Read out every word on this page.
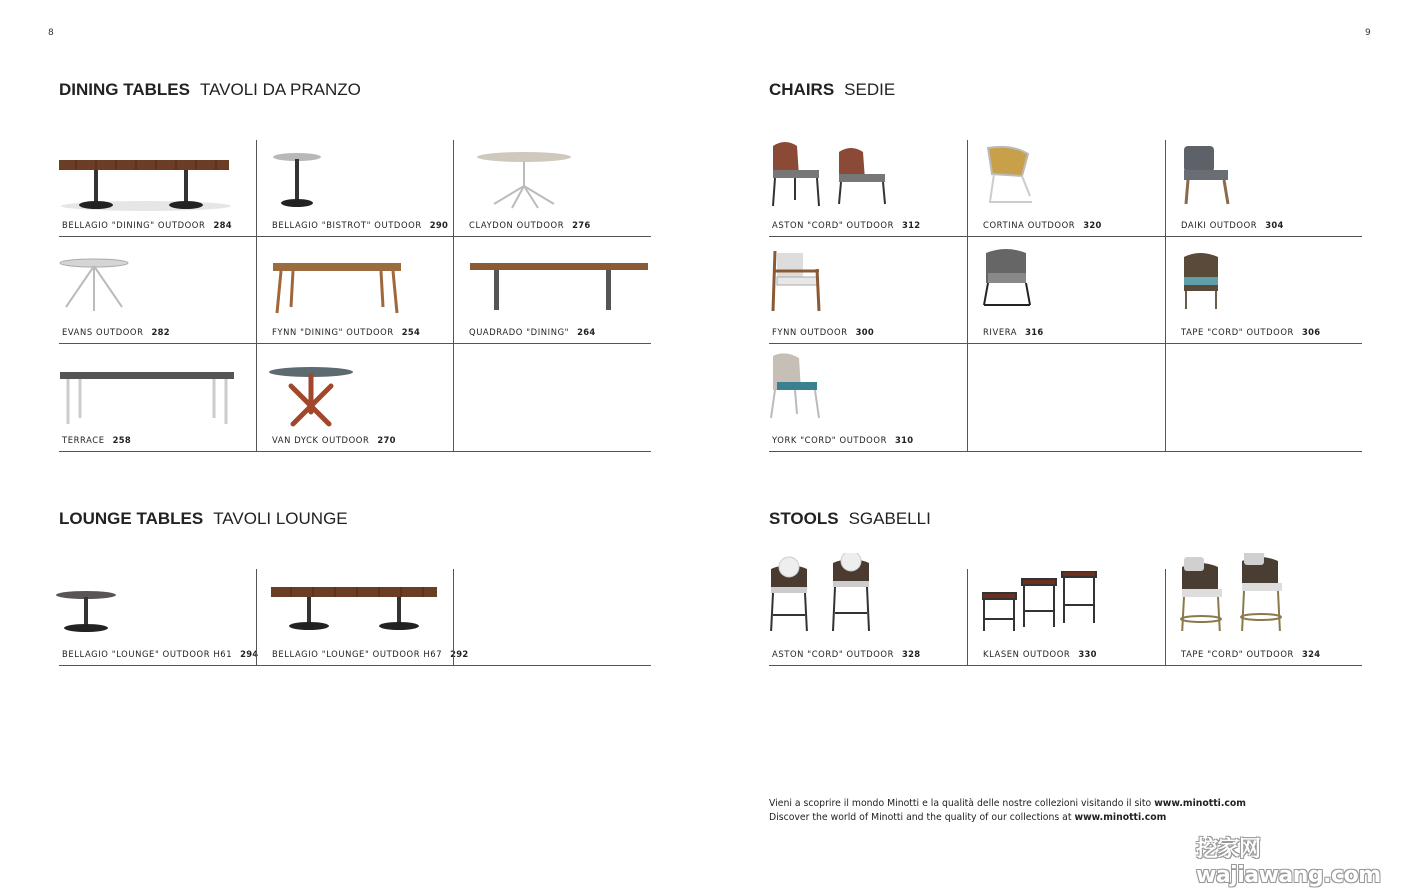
8	9
DINING TABLES TAVOLI DA PRANZO	CHAIRS SEDIE
LOUNGE TABLES TAVOLI LOUNGE	STOOLS SGABELLI
BELLAGIO "DINING" OUTDOOR 284	BELLAGIO "BISTROT" OUTDOOR 290 CLAYDON OUTDOOR 276
EVANS OUTDOOR 282	FYNN "DINING" OUTDOOR 254	QUADRADO "DINING" 264
TERRACE 258	VAN DYCK OUTDOOR 270
ASTON "CORD" OUTDOOR 312	CORTINA OUTDOOR 320	DAIKI OUTDOOR 304
FYNN OUTDOOR 300	RIVERA 316	TAPE "CORD" OUTDOOR 306
YORK "CORD" OUTDOOR 310
BELLAGIO "LOUNGE" OUTDOOR H61 294 BELLAGIO "LOUNGE" OUTDOOR H67 292	ASTON "CORD" OUTDOOR 328	KLASEN OUTDOOR 330	TAPE "CORD" OUTDOOR 324
Vieni a scoprire il mondo Minotti e la qualità delle nostre collezioni visitando il sito www.minotti.com
Discover the world of Minotti and the quality of our collections at www.minotti.com
挖家网 wajiawang.com
